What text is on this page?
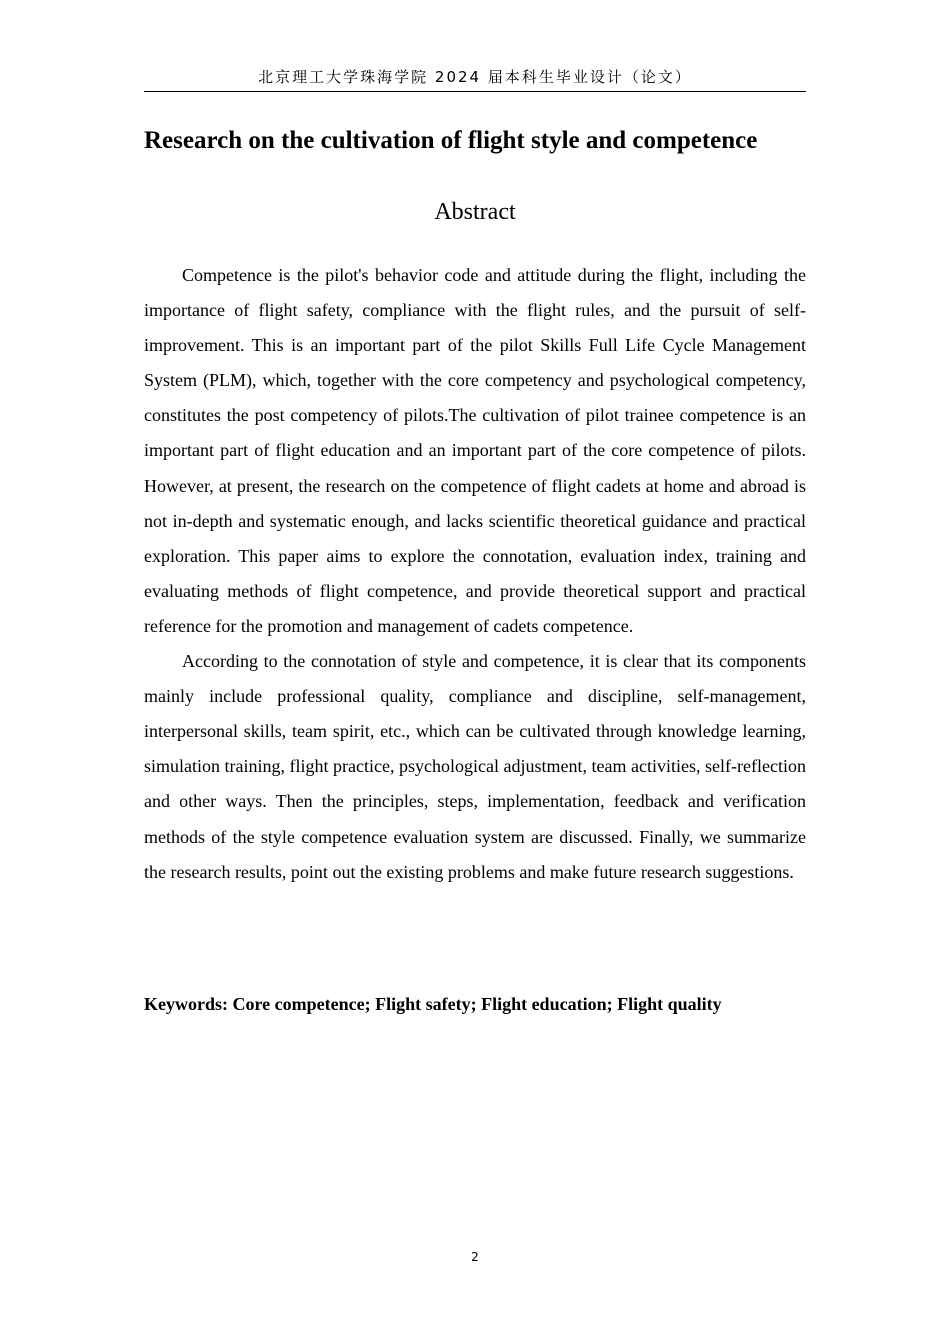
北京理工大学珠海学院 2024 届本科生毕业设计（论文）
Research on the cultivation of flight style and competence
Abstract

Competence is the pilot's behavior code and attitude during the flight, including the importance of flight safety, compliance with the flight rules, and the pursuit of self-improvement. This is an important part of the pilot Skills Full Life Cycle Management System (PLM), which, together with the core competency and psychological competency, constitutes the post competency of pilots.The cultivation of pilot trainee competence is an important part of flight education and an important part of the core competence of pilots. However, at present, the research on the competence of flight cadets at home and abroad is not in-depth and systematic enough, and lacks scientific theoretical guidance and practical exploration. This paper aims to explore the connotation, evaluation index, training and evaluating methods of flight competence, and provide theoretical support and practical reference for the promotion and management of cadets competence.

According to the connotation of style and competence, it is clear that its components mainly include professional quality, compliance and discipline, self-management, interpersonal skills, team spirit, etc., which can be cultivated through knowledge learning, simulation training, flight practice, psychological adjustment, team activities, self-reflection and other ways. Then the principles, steps, implementation, feedback and verification methods of the style competence evaluation system are discussed. Finally, we summarize the research results, point out the existing problems and make future research suggestions.

Keywords: Core competence; Flight safety; Flight education; Flight quality
2
